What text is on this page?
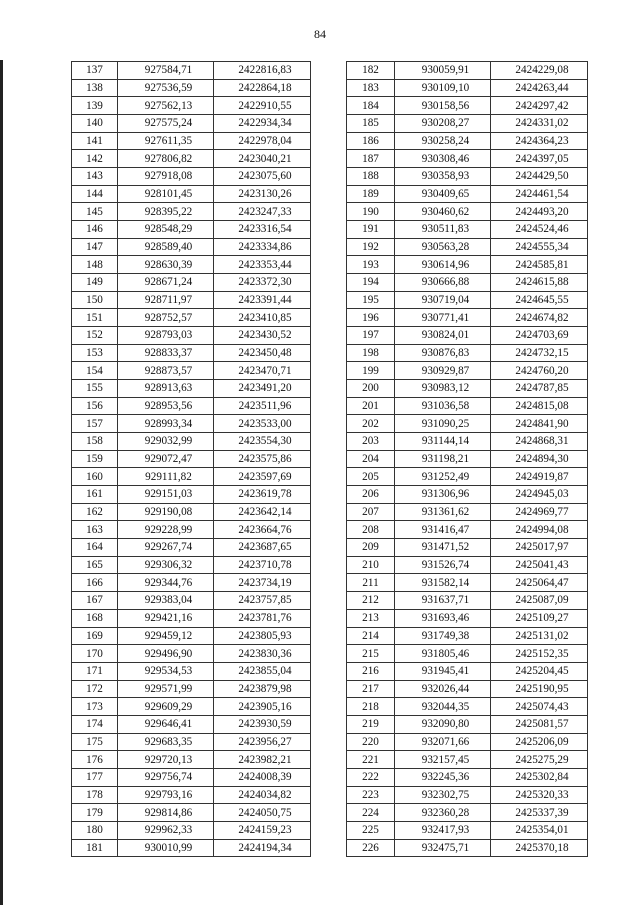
84
137	927584,71	2422816,83
138	927536,59	2422864,18
139	927562,13	2422910,55
140	927575,24	2422934,34
141	927611,35	2422978,04
142	927806,82	2423040,21
143	927918,08	2423075,60
144	928101,45	2423130,26
145	928395,22	2423247,33
146	928548,29	2423316,54
147	928589,40	2423334,86
148	928630,39	2423353,44
149	928671,24	2423372,30
150	928711,97	2423391,44
151	928752,57	2423410,85
152	928793,03	2423430,52
153	928833,37	2423450,48
154	928873,57	2423470,71
155	928913,63	2423491,20
156	928953,56	2423511,96
157	928993,34	2423533,00
158	929032,99	2423554,30
159	929072,47	2423575,86
160	929111,82	2423597,69
161	929151,03	2423619,78
162	929190,08	2423642,14
163	929228,99	2423664,76
164	929267,74	2423687,65
165	929306,32	2423710,78
166	929344,76	2423734,19
167	929383,04	2423757,85
168	929421,16	2423781,76
169	929459,12	2423805,93
170	929496,90	2423830,36
171	929534,53	2423855,04
172	929571,99	2423879,98
173	929609,29	2423905,16
174	929646,41	2423930,59
175	929683,35	2423956,27
176	929720,13	2423982,21
177	929756,74	2424008,39
178	929793,16	2424034,82
179	929814,86	2424050,75
180	929962,33	2424159,23
181	930010,99	2424194,34
182	930059,91	2424229,08
183	930109,10	2424263,44
184	930158,56	2424297,42
185	930208,27	2424331,02
186	930258,24	2424364,23
187	930308,46	2424397,05
188	930358,93	2424429,50
189	930409,65	2424461,54
190	930460,62	2424493,20
191	930511,83	2424524,46
192	930563,28	2424555,34
193	930614,96	2424585,81
194	930666,88	2424615,88
195	930719,04	2424645,55
196	930771,41	2424674,82
197	930824,01	2424703,69
198	930876,83	2424732,15
199	930929,87	2424760,20
200	930983,12	2424787,85
201	931036,58	2424815,08
202	931090,25	2424841,90
203	931144,14	2424868,31
204	931198,21	2424894,30
205	931252,49	2424919,87
206	931306,96	2424945,03
207	931361,62	2424969,77
208	931416,47	2424994,08
209	931471,52	2425017,97
210	931526,74	2425041,43
211	931582,14	2425064,47
212	931637,71	2425087,09
213	931693,46	2425109,27
214	931749,38	2425131,02
215	931805,46	2425152,35
216	931945,41	2425204,45
217	932026,44	2425190,95
218	932044,35	2425074,43
219	932090,80	2425081,57
220	932071,66	2425206,09
221	932157,45	2425275,29
222	932245,36	2425302,84
223	932302,75	2425320,33
224	932360,28	2425337,39
225	932417,93	2425354,01
226	932475,71	2425370,18
